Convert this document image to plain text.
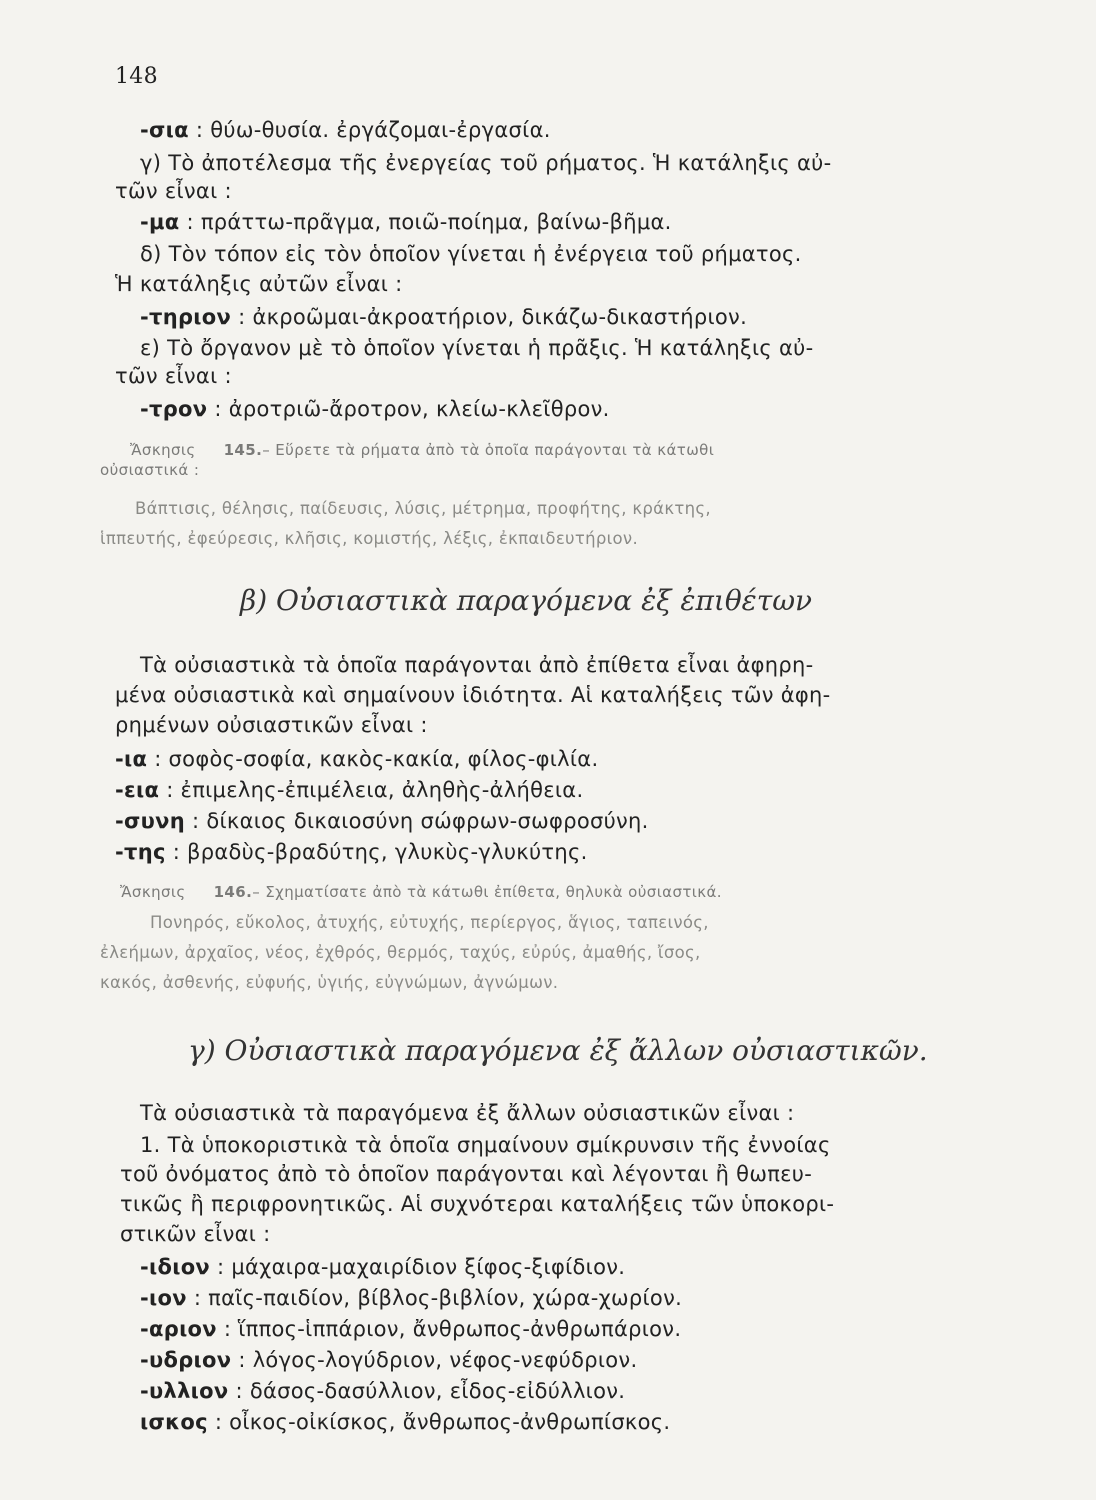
148
-σια : θύω-θυσία. ἐργάζομαι-ἐργασία.
γ) Τὸ ἀποτέλεσμα τῆς ἐνεργείας τοῦ ρήματος. Ἡ κατάληξις αὐ-
τῶν εἶναι :
-μα : πράττω-πρᾶγμα, ποιῶ-ποίημα, βαίνω-βῆμα.
δ) Τὸν τόπον εἰς τὸν ὁποῖον γίνεται ἡ ἐνέργεια τοῦ ρήματος.
Ἡ κατάληξις αὐτῶν εἶναι :
-τηριον : ἀκροῶμαι-ἀκροατήριον, δικάζω-δικαστήριον.
ε) Τὸ ὄργανον μὲ τὸ ὁποῖον γίνεται ἡ πρᾶξις. Ἡ κατάληξις αὐ-
τῶν εἶναι :
-τρον : ἀροτριῶ-ἄροτρον, κλείω-κλεῖθρον.
Ἄσκησις 145.– Εὕρετε τὰ ρήματα ἀπὸ τὰ ὁποῖα παράγονται τὰ κάτωθι
οὐσιαστικά :
Βάπτισις, θέλησις, παίδευσις, λύσις, μέτρημα, προφήτης, κράκτης,
ἱππευτής, ἐφεύρεσις, κλῆσις, κομιστής, λέξις, ἐκπαιδευτήριον.
β) Οὐσιαστικὰ παραγόμενα ἐξ ἐπιθέτων
Τὰ οὐσιαστικὰ τὰ ὁποῖα παράγονται ἀπὸ ἐπίθετα εἶναι ἀφηρη-
μένα οὐσιαστικὰ καὶ σημαίνουν ἰδιότητα. Αἱ καταλήξεις τῶν ἀφη-
ρημένων οὐσιαστικῶν εἶναι :
-ια : σοφὸς-σοφία, κακὸς-κακία, φίλος-φιλία.
-εια : ἐπιμελης-ἐπιμέλεια, ἀληθὴς-ἀλήθεια.
-συνη : δίκαιος δικαιοσύνη σώφρων-σωφροσύνη.
-της : βραδὺς-βραδύτης, γλυκὺς-γλυκύτης.
Ἄσκησις 146.– Σχηματίσατε ἀπὸ τὰ κάτωθι ἐπίθετα, θηλυκὰ οὐσιαστικά.
Πονηρός, εὔκολος, ἀτυχής, εὐτυχής, περίεργος, ἅγιος, ταπεινός,
ἐλεήμων, ἀρχαῖος, νέος, ἐχθρός, θερμός, ταχύς, εὐρύς, ἀμαθής, ἴσος,
κακός, ἀσθενής, εὐφυής, ὑγιής, εὐγνώμων, ἀγνώμων.
γ) Οὐσιαστικὰ παραγόμενα ἐξ ἄλλων οὐσιαστικῶν.
Τὰ οὐσιαστικὰ τὰ παραγόμενα ἐξ ἄλλων οὐσιαστικῶν εἶναι :
1. Τὰ ὑποκοριστικὰ τὰ ὁποῖα σημαίνουν σμίκρυνσιν τῆς ἐννοίας
τοῦ ὀνόματος ἀπὸ τὸ ὁποῖον παράγονται καὶ λέγονται ἢ θωπευ-
τικῶς ἢ περιφρονητικῶς. Αἱ συχνότεραι καταλήξεις τῶν ὑποκορι-
στικῶν εἶναι :
-ιδιον : μάχαιρα-μαχαιρίδιον ξίφος-ξιφίδιον.
-ιον : παῖς-παιδίον, βίβλος-βιβλίον, χώρα-χωρίον.
-αριον : ἵππος-ἱππάριον, ἄνθρωπος-ἀνθρωπάριον.
-υδριον : λόγος-λογύδριον, νέφος-νεφύδριον.
-υλλιον : δάσος-δασύλλιον, εἶδος-εἰδύλλιον.
ισκος : οἶκος-οἰκίσκος, ἄνθρωπος-ἀνθρωπίσκος.
